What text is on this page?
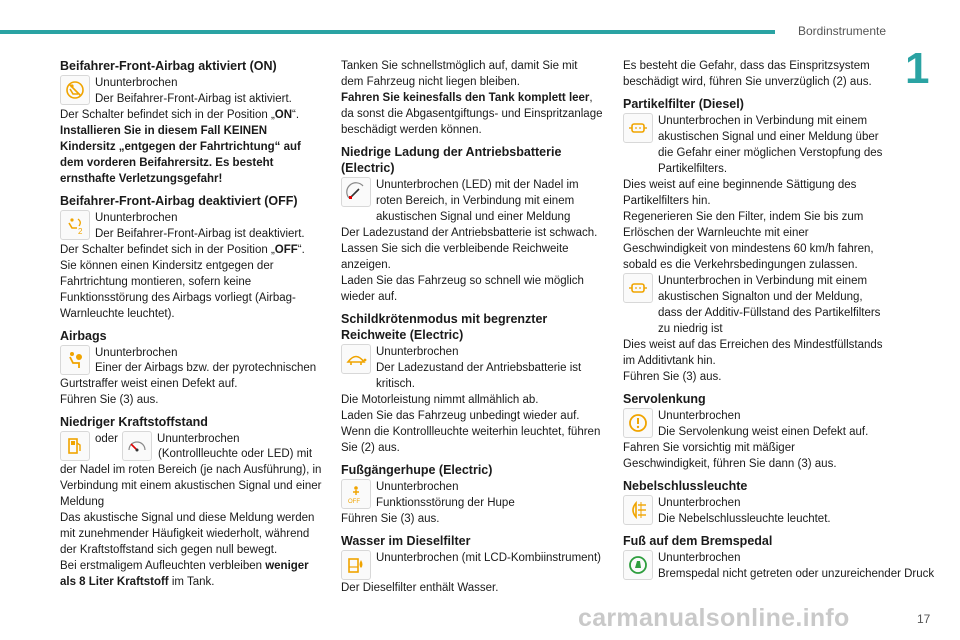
Bordinstrumente
1
Beifahrer-Front-Airbag aktiviert (ON)
Ununterbrochen
Der Beifahrer-Front-Airbag ist aktiviert.

Der Schalter befindet sich in der Position „ON“.

Installieren Sie in diesem Fall KEINEN Kindersitz „entgegen der Fahrtrichtung“ auf dem vorderen Beifahrersitz. Es besteht ernsthafte Verletzungsgefahr!

Beifahrer-Front-Airbag deaktiviert (OFF)
2
Ununterbrochen
Der Beifahrer-Front-Airbag ist deaktiviert.

Der Schalter befindet sich in der Position „OFF“.

Sie können einen Kindersitz entgegen der Fahrtrichtung montieren, sofern keine Funktionsstörung des Airbags vorliegt (Airbag-Warnleuchte leuchtet).

Airbags
Ununterbrochen

Einer der Airbags bzw. der pyrotechnischen Gurtstraffer weist einen Defekt auf.

Führen Sie (3) aus.

Niedriger Kraftstoffstand
oder	Ununterbrochen

(Kontrollleuchte oder LED) mit der Nadel im roten Bereich (je nach Ausführung), in Verbindung mit einem akustischen Signal und einer Meldung

Das akustische Signal und diese Meldung werden mit zunehmender Häufigkeit wiederholt, während der Kraftstoffstand sich gegen null bewegt.

Bei erstmaligem Aufleuchten verbleiben weniger als 8 Liter Kraftstoff im Tank.

Tanken Sie schnellstmöglich auf, damit Sie mit dem Fahrzeug nicht liegen bleiben.

Fahren Sie keinesfalls den Tank komplett leer, da sonst die Abgasentgiftungs- und Einspritzanlage beschädigt werden können.

Niedrige Ladung der Antriebsbatterie (Electric)
Ununterbrochen (LED) mit der Nadel im roten Bereich, in Verbindung mit einem akustischen Signal und einer Meldung

Der Ladezustand der Antriebsbatterie ist schwach.

Lassen Sie sich die verbleibende Reichweite anzeigen.

Laden Sie das Fahrzeug so schnell wie möglich wieder auf.

Schildkrötenmodus mit begrenzter Reichweite (Electric)
Ununterbrochen
Der Ladezustand der Antriebsbatterie ist kritisch.

Die Motorleistung nimmt allmählich ab.

Laden Sie das Fahrzeug unbedingt wieder auf.

Wenn die Kontrollleuchte weiterhin leuchtet, führen Sie (2) aus.

Fußgängerhupe (Electric)
OFF
Ununterbrochen
Funktionsstörung der Hupe

Führen Sie (3) aus.

Wasser im Dieselfilter
Ununterbrochen (mit LCD-Kombiinstrument)

Der Dieselfilter enthält Wasser.

Es besteht die Gefahr, dass das Einspritzsystem beschädigt wird, führen Sie unverzüglich (2) aus.

Partikelfilter (Diesel)
Ununterbrochen in Verbindung mit einem akustischen Signal und einer Meldung über die Gefahr einer möglichen Verstopfung des Partikelfilters.

Dies weist auf eine beginnende Sättigung des Partikelfilters hin.

Regenerieren Sie den Filter, indem Sie bis zum Erlöschen der Warnleuchte mit einer Geschwindigkeit von mindestens 60 km/h fahren, sobald es die Verkehrsbedingungen zulassen.

Ununterbrochen in Verbindung mit einem akustischen Signalton und der Meldung, dass der Additiv-Füllstand des Partikelfilters zu niedrig ist

Dies weist auf das Erreichen des Mindestfüllstands im Additivtank hin.

Führen Sie (3) aus.

Servolenkung
Ununterbrochen
Die Servolenkung weist einen Defekt auf.

Fahren Sie vorsichtig mit mäßiger Geschwindigkeit, führen Sie dann (3) aus.

Nebelschlussleuchte
Ununterbrochen
Die Nebelschlussleuchte leuchtet.
Fuß auf dem Bremspedal
Ununterbrochen
Bremspedal nicht getreten oder unzureichender Druck
carmanualsonline.info	17
